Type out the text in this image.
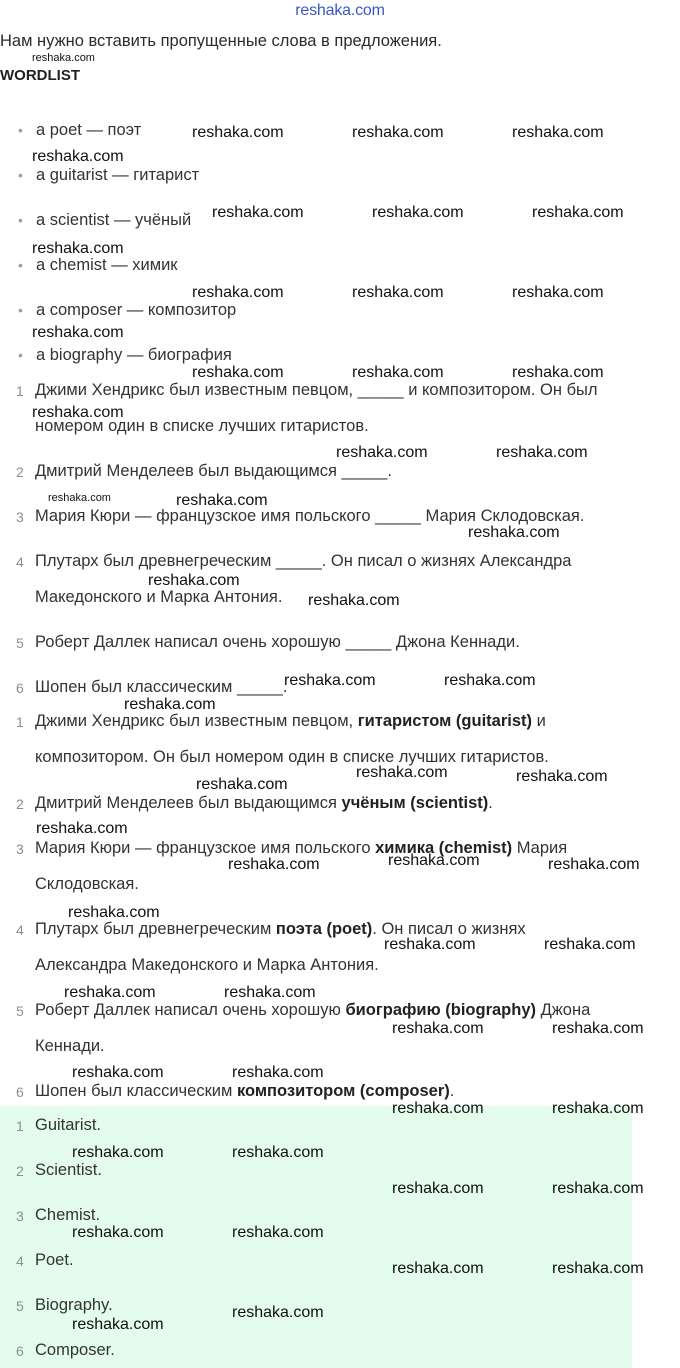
reshaka.com
Нам нужно вставить пропущенные слова в предложения.
WORDLIST
• a poet — поэт
• a guitarist — гитарист
• a scientist — учёный
• a chemist — химик
• a composer — композитор
• a biography — биография
1 Джими Хендрикс был известным певцом, _____ и композитором. Он был
номером один в списке лучших гитаристов.
2 Дмитрий Менделеев был выдающимся _____.
3 Мария Кюри — французское имя польского _____ Мария Склодовская.
4 Плутарх был древнегреческим _____. Он писал о жизнях Александра
Македонского и Марка Антония.
5 Роберт Даллек написал очень хорошую _____ Джона Кеннади.
6 Шопен был классическим _____.
1 Джими Хендрикс был известным певцом, гитаристом (guitarist) и
композитором. Он был номером один в списке лучших гитаристов.
2 Дмитрий Менделеев был выдающимся учёным (scientist).
3 Мария Кюри — французское имя польского химика (chemist) Мария
Склодовская.
4 Плутарх был древнегреческим поэта (poet). Он писал о жизнях
Александра Македонского и Марка Антония.
5 Роберт Даллек написал очень хорошую биографию (biography) Джона
Кеннади.
6 Шопен был классическим композитором (composer).
1 Guitarist.
2 Scientist.
3 Chemist.
4 Poet.
5 Biography.
6 Composer.
reshaka.com
reshaka.com	reshaka.com	reshaka.com
reshaka.com
reshaka.com	reshaka.com	reshaka.com
reshaka.com
reshaka.com	reshaka.com	reshaka.com
reshaka.com
reshaka.com	reshaka.com	reshaka.com
reshaka.com
reshaka.com	reshaka.com
reshaka.com	reshaka.com
reshaka.com
reshaka.com
reshaka.com
reshaka.com	reshaka.com
reshaka.com
reshaka.com
reshaka.com	reshaka.com
reshaka.com
reshaka.com
reshaka.com	reshaka.com
reshaka.com
reshaka.com	reshaka.com
reshaka.com	reshaka.com
reshaka.com	reshaka.com
reshaka.com	reshaka.com
reshaka.com	reshaka.com
reshaka.com	reshaka.com
reshaka.com	reshaka.com
reshaka.com	reshaka.com
reshaka.com	reshaka.com
reshaka.com
reshaka.com
